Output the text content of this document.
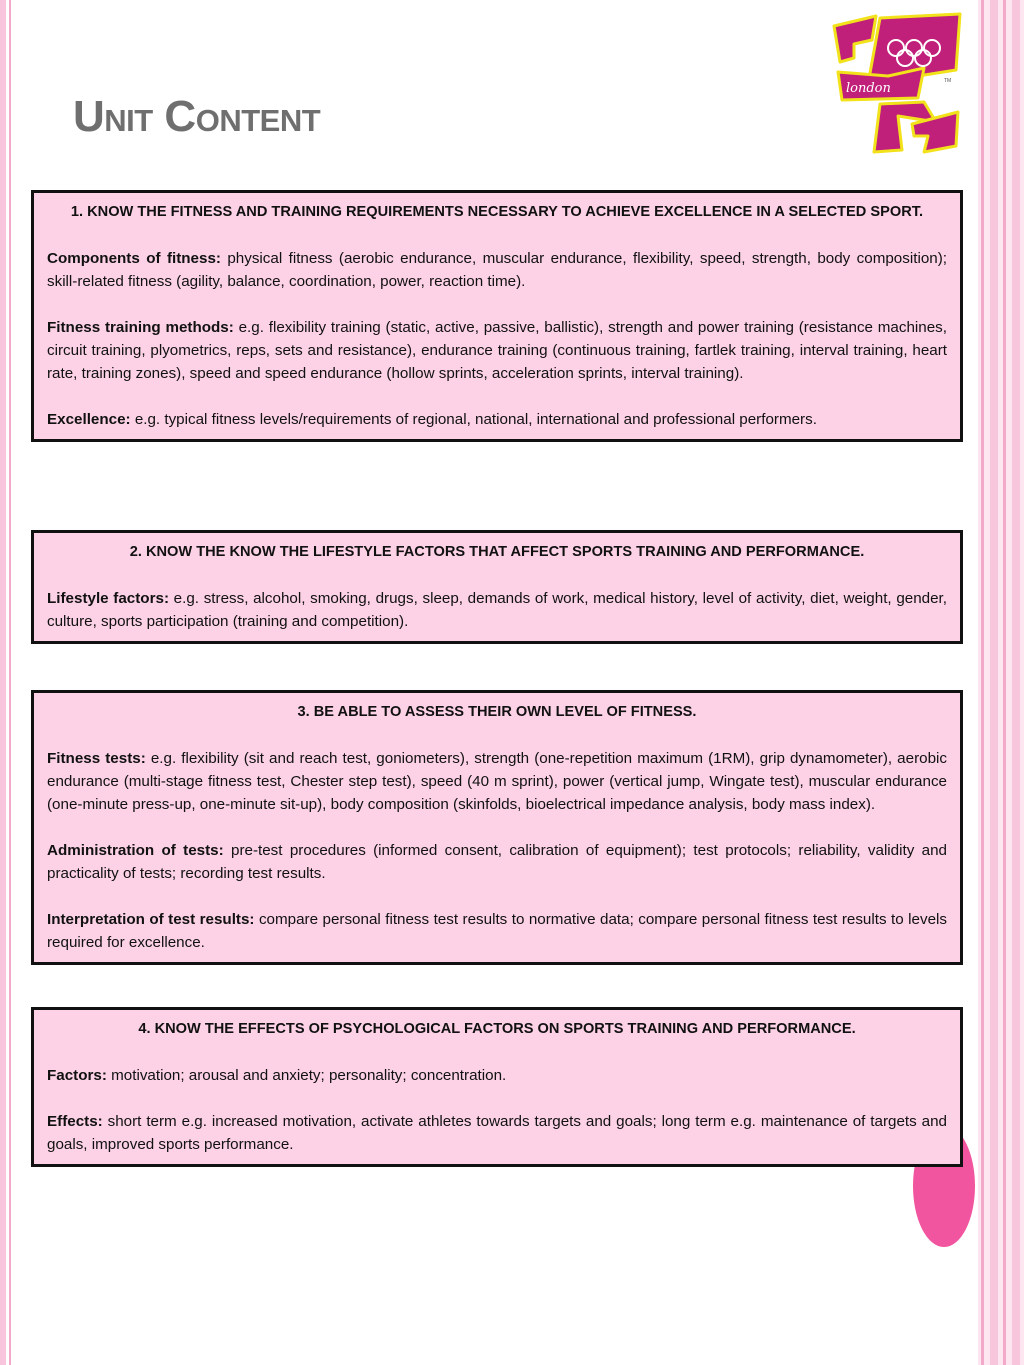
Unit Content
london	TM
1. KNOW THE FITNESS AND TRAINING REQUIREMENTS NECESSARY TO ACHIEVE EXCELLENCE IN A SELECTED SPORT.

Components of fitness: physical fitness (aerobic endurance, muscular endurance, flexibility, speed, strength, body composition); skill-related fitness (agility, balance, coordination, power, reaction time).

Fitness training methods: e.g. flexibility training (static, active, passive, ballistic), strength and power training (resistance machines, circuit training, plyometrics, reps, sets and resistance), endurance training (continuous training, fartlek training, interval training, heart rate, training zones), speed and speed endurance (hollow sprints, acceleration sprints, interval training).

Excellence: e.g. typical fitness levels/requirements of regional, national, international and professional performers.

2. KNOW THE KNOW THE LIFESTYLE FACTORS THAT AFFECT SPORTS TRAINING AND PERFORMANCE.

Lifestyle factors: e.g. stress, alcohol, smoking, drugs, sleep, demands of work, medical history, level of activity, diet, weight, gender, culture, sports participation (training and competition).

3. BE ABLE TO ASSESS THEIR OWN LEVEL OF FITNESS.

Fitness tests: e.g. flexibility (sit and reach test, goniometers), strength (one-repetition maximum (1RM), grip dynamometer), aerobic endurance (multi-stage fitness test, Chester step test), speed (40 m sprint), power (vertical jump, Wingate test), muscular endurance (one-minute press-up, one-minute sit-up), body composition (skinfolds, bioelectrical impedance analysis, body mass index).

Administration of tests: pre-test procedures (informed consent, calibration of equipment); test protocols; reliability, validity and practicality of tests; recording test results.

Interpretation of test results: compare personal fitness test results to normative data; compare personal fitness test results to levels required for excellence.

4. KNOW THE EFFECTS OF PSYCHOLOGICAL FACTORS ON SPORTS TRAINING AND PERFORMANCE.

Factors: motivation; arousal and anxiety; personality; concentration.

Effects: short term e.g. increased motivation, activate athletes towards targets and goals; long term e.g. maintenance of targets and goals, improved sports performance.
